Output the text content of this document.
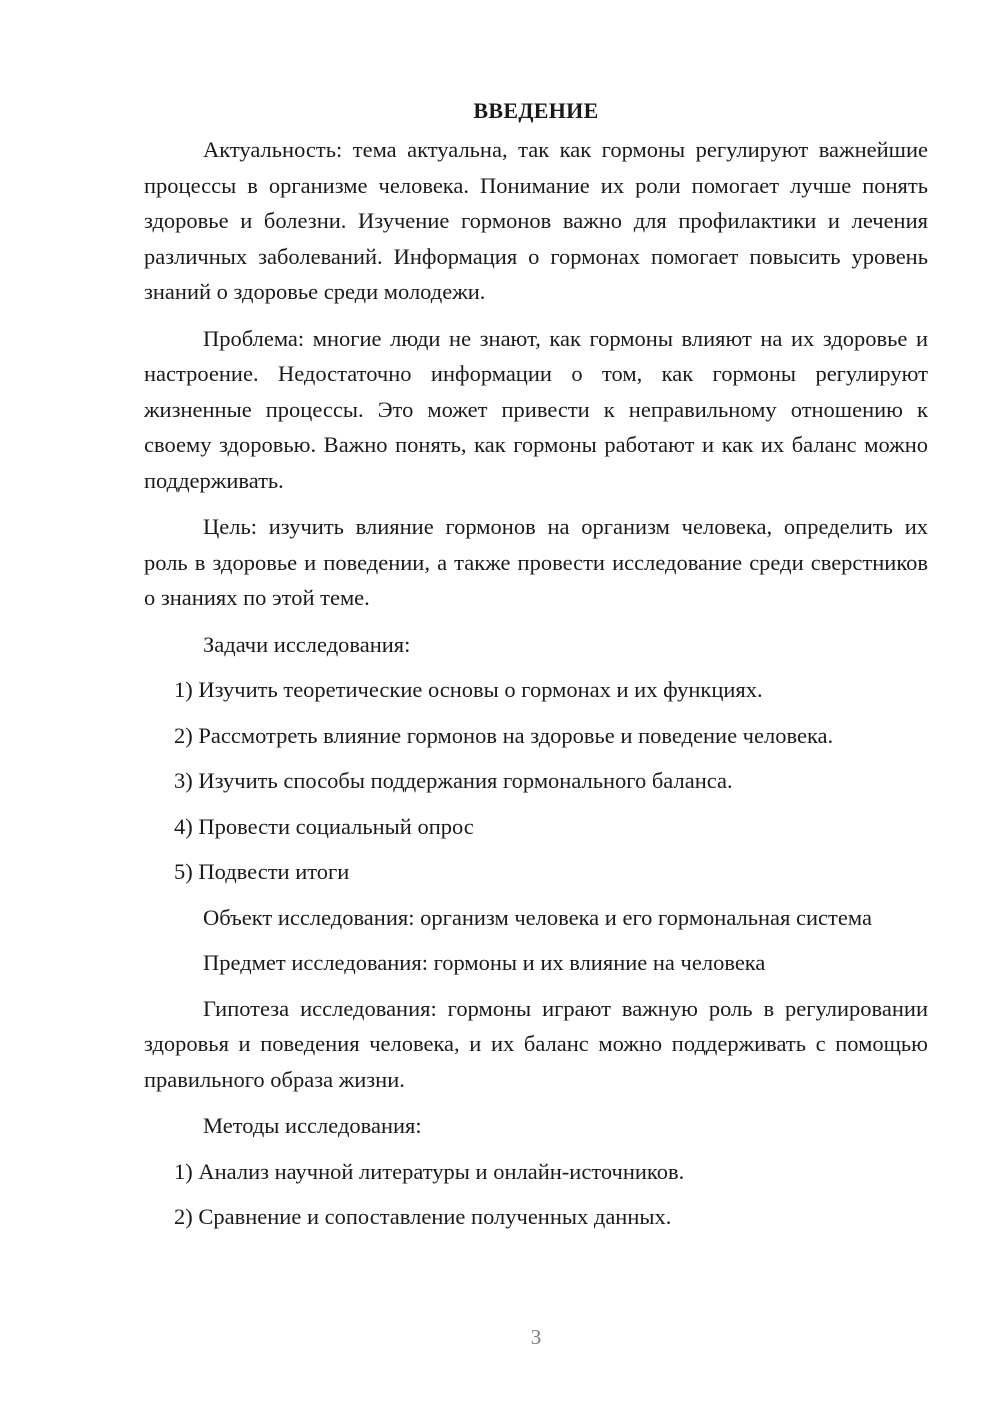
ВВЕДЕНИЕ

Актуальность: тема актуальна, так как гормоны регулируют важнейшие процессы в организме человека. Понимание их роли помогает лучше понять здоровье и болезни. Изучение гормонов важно для профилактики и лечения различных заболеваний. Информация о гормонах помогает повысить уровень знаний о здоровье среди молодежи.

Проблема: многие люди не знают, как гормоны влияют на их здоровье и настроение. Недостаточно информации о том, как гормоны регулируют жизненные процессы. Это может привести к неправильному отношению к своему здоровью. Важно понять, как гормоны работают и как их баланс можно поддерживать.

Цель: изучить влияние гормонов на организм человека, определить их роль в здоровье и поведении, а также провести исследование среди сверстников о знаниях по этой теме.

Задачи исследования:

1) Изучить теоретические основы о гормонах и их функциях.
2) Рассмотреть влияние гормонов на здоровье и поведение человека.
3) Изучить способы поддержания гормонального баланса.
4) Провести социальный опрос
5) Подвести итоги

Объект исследования: организм человека и его гормональная система

Предмет исследования: гормоны и их влияние на человека

Гипотеза исследования: гормоны играют важную роль в регулировании здоровья и поведения человека, и их баланс можно поддерживать с помощью правильного образа жизни.

Методы исследования:

1) Анализ научной литературы и онлайн-источников.
2) Сравнение и сопоставление полученных данных.
3
